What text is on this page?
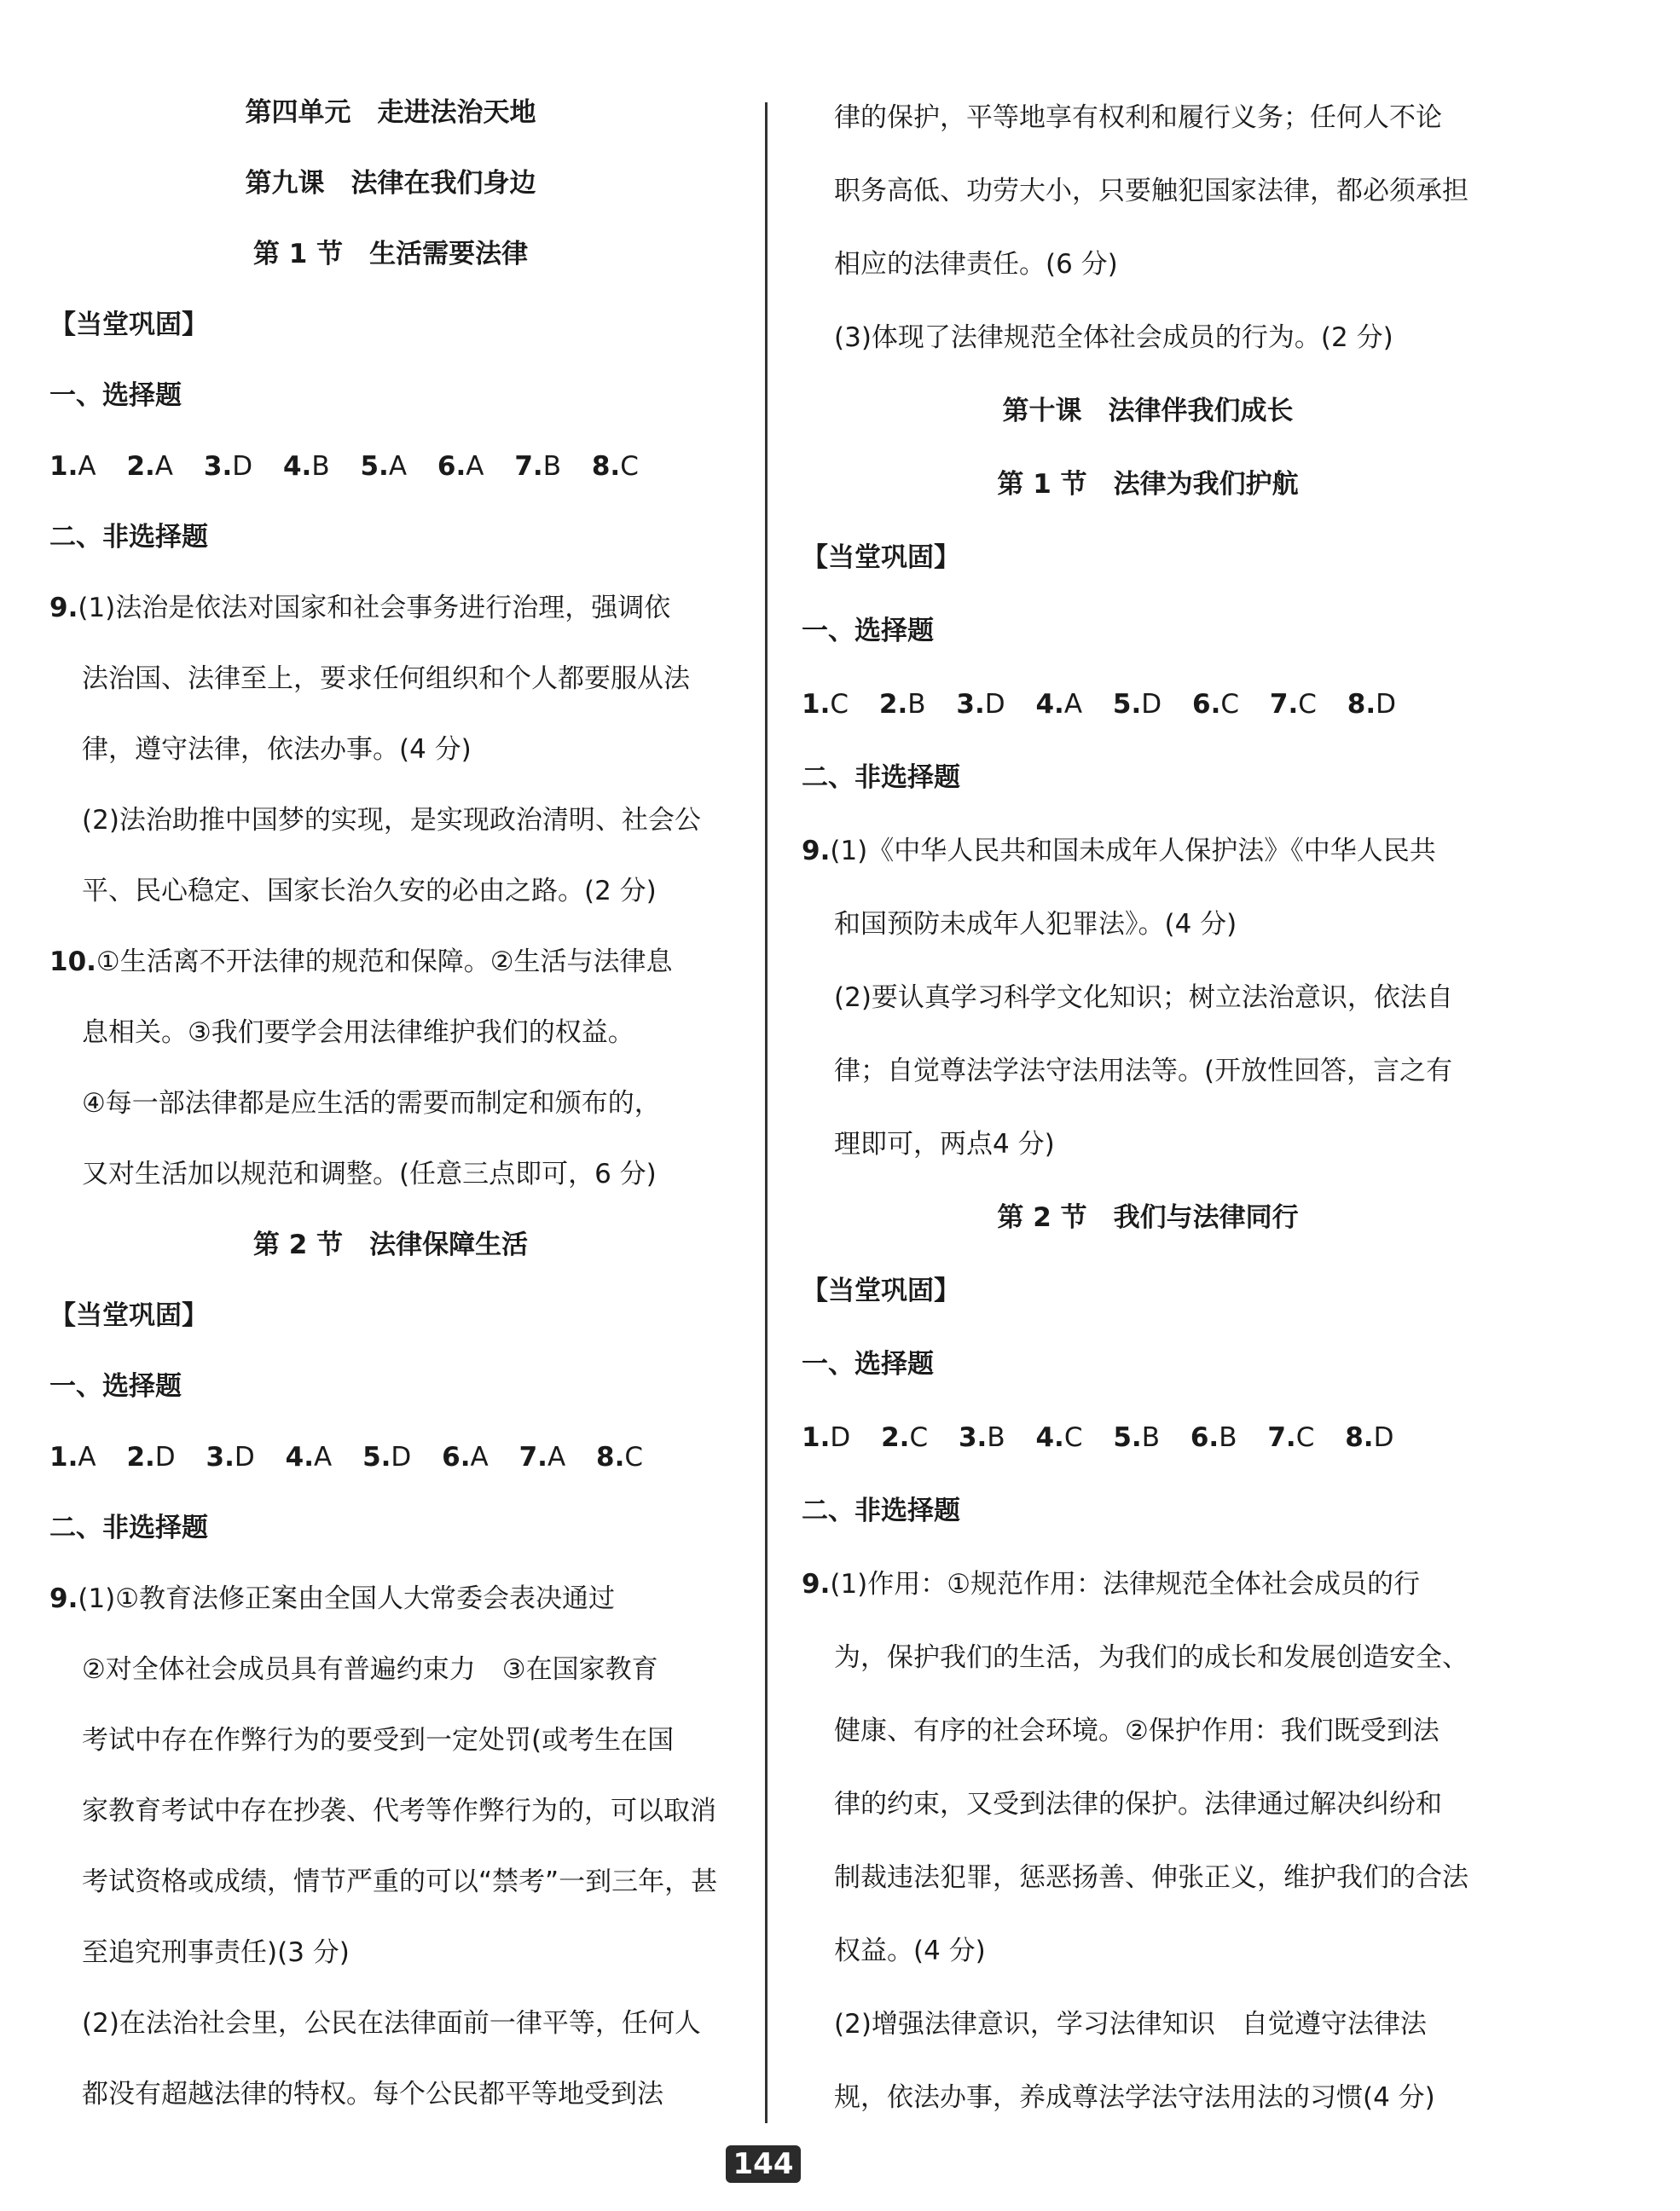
第四单元　走进法治天地
第九课　法律在我们身边
第 1 节　生活需要法律
【当堂巩固】
一、选择题
1.A 2.A 3.D 4.B 5.A 6.A 7.B 8.C
二、非选择题
9.(1)法治是依法对国家和社会事务进行治理，强调依
法治国、法律至上，要求任何组织和个人都要服从法
律，遵守法律，依法办事。(4 分)
(2)法治助推中国梦的实现，是实现政治清明、社会公
平、民心稳定、国家长治久安的必由之路。(2 分)
10.①生活离不开法律的规范和保障。②生活与法律息
息相关。③我们要学会用法律维护我们的权益。
④每一部法律都是应生活的需要而制定和颁布的，
又对生活加以规范和调整。(任意三点即可，6 分)
第 2 节　法律保障生活
【当堂巩固】
一、选择题
1.A 2.D 3.D 4.A 5.D 6.A 7.A 8.C
二、非选择题
9.(1)①教育法修正案由全国人大常委会表决通过
②对全体社会成员具有普遍约束力　③在国家教育
考试中存在作弊行为的要受到一定处罚(或考生在国
家教育考试中存在抄袭、代考等作弊行为的，可以取消
考试资格或成绩，情节严重的可以“禁考”一到三年，甚
至追究刑事责任)(3 分)
(2)在法治社会里，公民在法律面前一律平等，任何人
都没有超越法律的特权。每个公民都平等地受到法
律的保护，平等地享有权利和履行义务；任何人不论
职务高低、功劳大小，只要触犯国家法律，都必须承担
相应的法律责任。(6 分)
(3)体现了法律规范全体社会成员的行为。(2 分)
第十课　法律伴我们成长
第 1 节　法律为我们护航
【当堂巩固】
一、选择题
1.C 2.B 3.D 4.A 5.D 6.C 7.C 8.D
二、非选择题
9.(1)《中华人民共和国未成年人保护法》《中华人民共
和国预防未成年人犯罪法》。(4 分)
(2)要认真学习科学文化知识；树立法治意识，依法自
律；自觉尊法学法守法用法等。(开放性回答，言之有
理即可，两点4 分)
第 2 节　我们与法律同行
【当堂巩固】
一、选择题
1.D 2.C 3.B 4.C 5.B 6.B 7.C 8.D
二、非选择题
9.(1)作用：①规范作用：法律规范全体社会成员的行
为，保护我们的生活，为我们的成长和发展创造安全、
健康、有序的社会环境。②保护作用：我们既受到法
律的约束，又受到法律的保护。法律通过解决纠纷和
制裁违法犯罪，惩恶扬善、伸张正义，维护我们的合法
权益。(4 分)
(2)增强法律意识，学习法律知识　自觉遵守法律法
规，依法办事，养成尊法学法守法用法的习惯(4 分)
144
